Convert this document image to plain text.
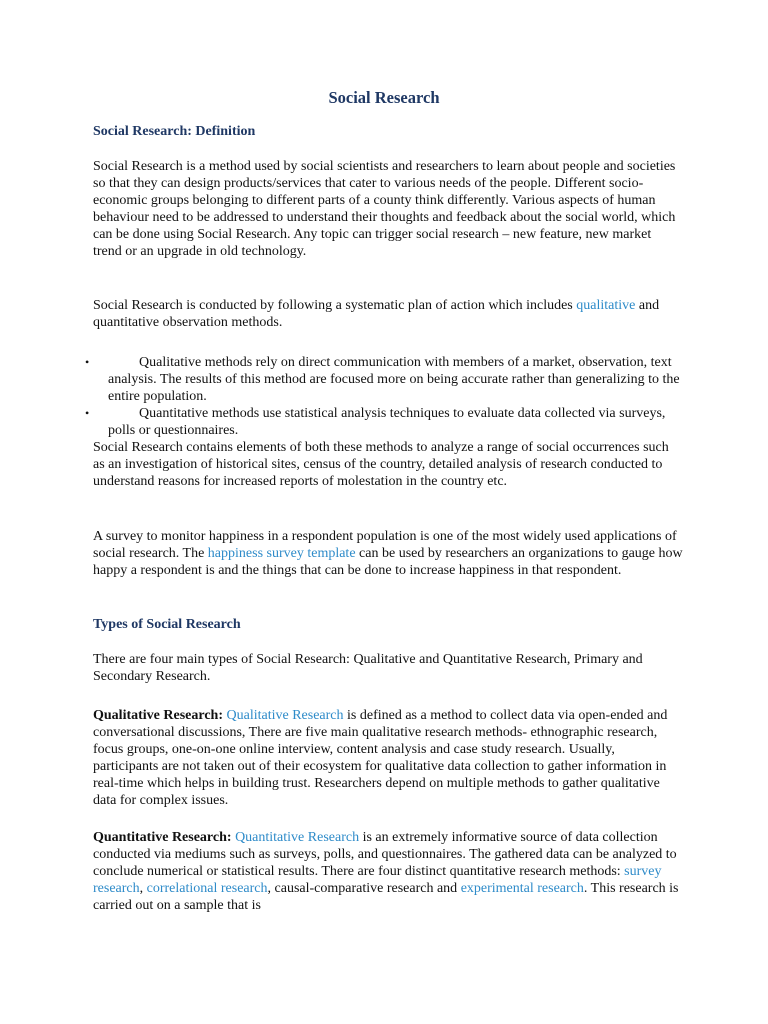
Social Research
Social Research: Definition

Social Research is a method used by social scientists and researchers to learn about people and societies so that they can design products/services that cater to various needs of the people. Different socio-economic groups belonging to different parts of a county think differently. Various aspects of human behaviour need to be addressed to understand their thoughts and feedback about the social world, which can be done using Social Research. Any topic can trigger social research – new feature, new market trend or an upgrade in old technology.

Social Research is conducted by following a systematic plan of action which includes qualitative and quantitative observation methods.

•	Qualitative methods rely on direct communication with members of a market, observation, text analysis. The results of this method are focused more on being accurate rather than generalizing to the entire population.

•	Quantitative methods use statistical analysis techniques to evaluate data collected via surveys, polls or questionnaires.

Social Research contains elements of both these methods to analyze a range of social occurrences such as an investigation of historical sites, census of the country, detailed analysis of research conducted to understand reasons for increased reports of molestation in the country etc.

A survey to monitor happiness in a respondent population is one of the most widely used applications of social research. The happiness survey template can be used by researchers an organizations to gauge how happy a respondent is and the things that can be done to increase happiness in that respondent.

Types of Social Research

There are four main types of Social Research: Qualitative and Quantitative Research, Primary and Secondary Research.

Qualitative Research: Qualitative Research is defined as a method to collect data via open-ended and conversational discussions, There are five main qualitative research methods- ethnographic research, focus groups, one-on-one online interview, content analysis and case study research. Usually, participants are not taken out of their ecosystem for qualitative data collection to gather information in real-time which helps in building trust. Researchers depend on multiple methods to gather qualitative data for complex issues.

Quantitative Research: Quantitative Research is an extremely informative source of data collection conducted via mediums such as surveys, polls, and questionnaires. The gathered data can be analyzed to conclude numerical or statistical results. There are four distinct quantitative research methods: survey research, correlational research, causal-comparative research and experimental research. This research is carried out on a sample that is
